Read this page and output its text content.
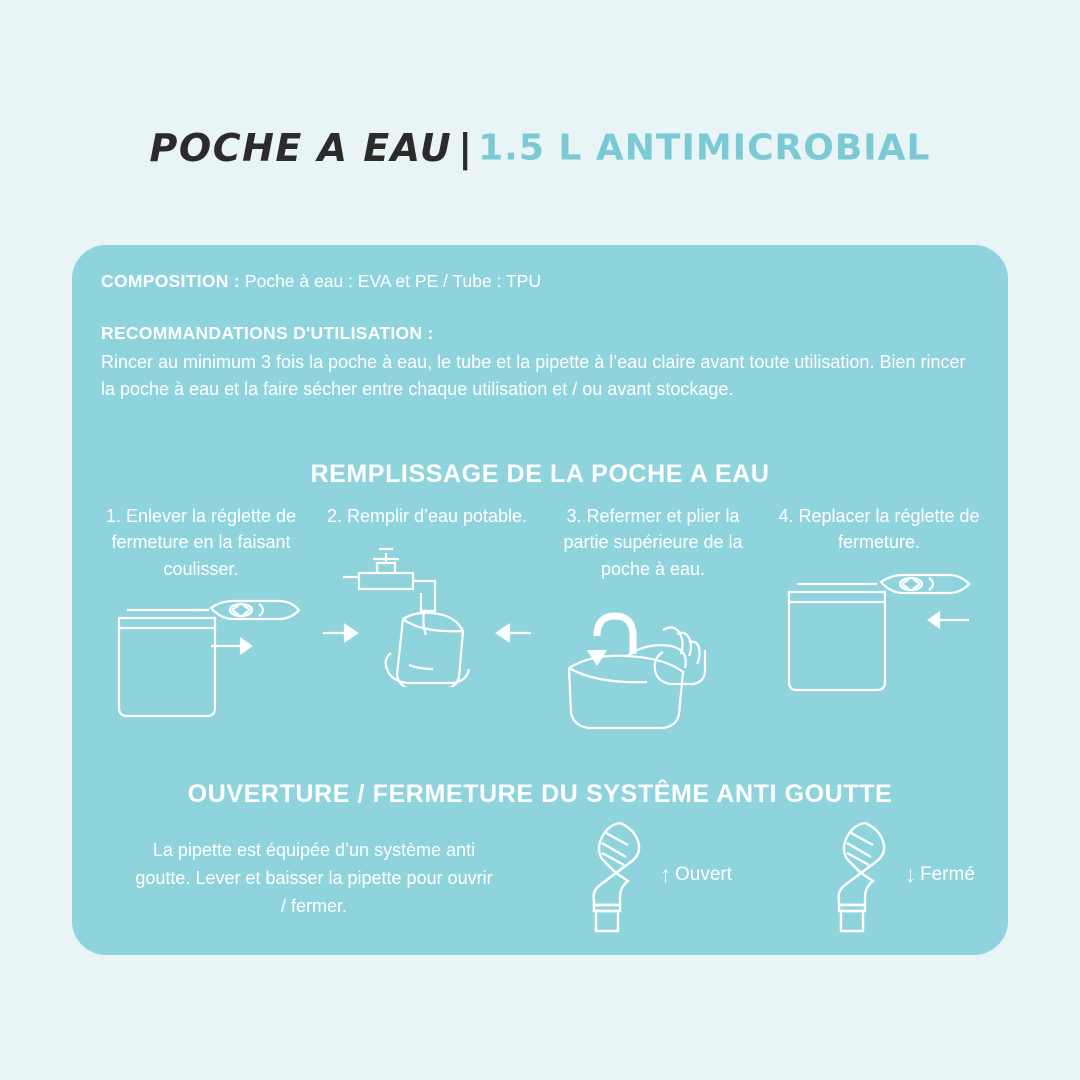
POCHE A EAU | 1.5 L ANTIMICROBIAL
COMPOSITION : Poche à eau : EVA et PE / Tube : TPU
RECOMMANDATIONS D'UTILISATION :
Rincer au minimum 3 fois la poche à eau, le tube et la pipette à l’eau claire avant toute utilisation. Bien rincer la poche à eau et la faire sécher entre chaque utilisation et / ou avant stockage.
REMPLISSAGE DE LA POCHE A EAU
1. Enlever la réglette de fermeture en la faisant coulisser.
2. Remplir d’eau potable.	3. Refermer et plier la partie supérieure de la poche à eau.
4. Replacer la réglette de fermeture.
OUVERTURE / FERMETURE DU SYSTÊME ANTI GOUTTE
La pipette est équipée d’un système anti goutte. Lever et baisser la pipette pour ouvrir / fermer.
↑ Ouvert	↓ Fermé
